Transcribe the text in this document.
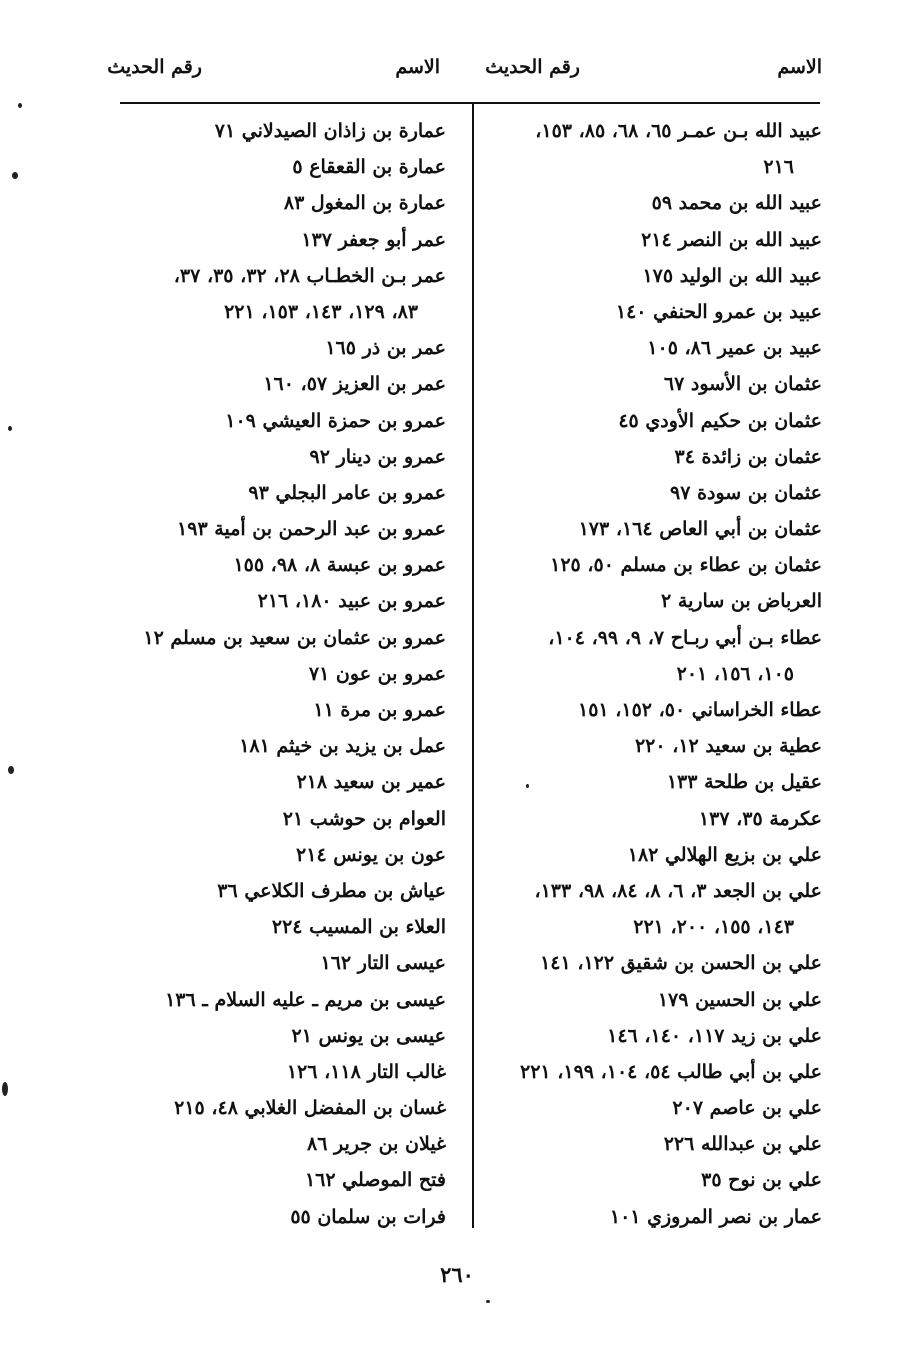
الاسم
رقم الحديث
الاسم
رقم الحديث
عبيد الله بـن عمـر ٦٥، ٦٨، ٨٥، ١٥٣،
٢١٦
عبيد الله بن محمد ٥٩
عبيد الله بن النصر ٢١٤
عبيد الله بن الوليد ١٧٥
عبيد بن عمرو الحنفي ١٤٠
عبيد بن عمير ٨٦، ١٠٥
عثمان بن الأسود ٦٧
عثمان بن حكيم الأودي ٤٥
عثمان بن زائدة ٣٤
عثمان بن سودة ٩٧
عثمان بن أبي العاص ١٦٤، ١٧٣
عثمان بن عطاء بن مسلم ٥٠، ١٢٥
العرباض بن سارية ٢
عطاء بـن أبي ربـاح ٧، ٩، ٩٩، ١٠٤،
١٠٥، ١٥٦، ٢٠١
عطاء الخراساني ٥٠، ١٥٢، ١٥١
عطية بن سعيد ١٢، ٢٢٠
عقيل بن طلحة ١٣٣
عكرمة ٣٥، ١٣٧
علي بن بزيع الهلالي ١٨٢
علي بن الجعد ٣، ٦، ٨، ٨٤، ٩٨، ١٣٣،
١٤٣، ١٥٥، ٢٠٠، ٢٢١
علي بن الحسن بن شقيق ١٢٢، ١٤١
علي بن الحسين ١٧٩
علي بن زيد ١١٧، ١٤٠، ١٤٦
علي بن أبي طالب ٥٤، ١٠٤، ١٩٩، ٢٢١
علي بن عاصم ٢٠٧
علي بن عبدالله ٢٢٦
علي بن نوح ٣٥
عمار بن نصر المروزي ١٠١
عمارة بن زاذان الصيدلاني ٧١
عمارة بن القعقاع ٥
عمارة بن المغول ٨٣
عمر أبو جعفر ١٣٧
عمر بـن الخطـاب ٢٨، ٣٢، ٣٥، ٣٧،
٨٣، ١٢٩، ١٤٣، ١٥٣، ٢٢١
عمر بن ذر ١٦٥
عمر بن العزيز ٥٧، ١٦٠
عمرو بن حمزة العيشي ١٠٩
عمرو بن دينار ٩٢
عمرو بن عامر البجلي ٩٣
عمرو بن عبد الرحمن بن أمية ١٩٣
عمرو بن عبسة ٨، ٩٨، ١٥٥
عمرو بن عبيد ١٨٠، ٢١٦
عمرو بن عثمان بن سعيد بن مسلم ١٢
عمرو بن عون ٧١
عمرو بن مرة ١١
عمل بن يزيد بن خيثم ١٨١
عمير بن سعيد ٢١٨
العوام بن حوشب ٢١
عون بن يونس ٢١٤
عياش بن مطرف الكلاعي ٣٦
العلاء بن المسيب ٢٢٤
عيسى التار ١٦٢
عيسى بن مريم ـ عليه السلام ـ ١٣٦
عيسى بن يونس ٢١
غالب التار ١١٨، ١٢٦
غسان بن المفضل الغلابي ٤٨، ٢١٥
غيلان بن جرير ٨٦
فتح الموصلي ١٦٢
فرات بن سلمان ٥٥
٢٦٠
